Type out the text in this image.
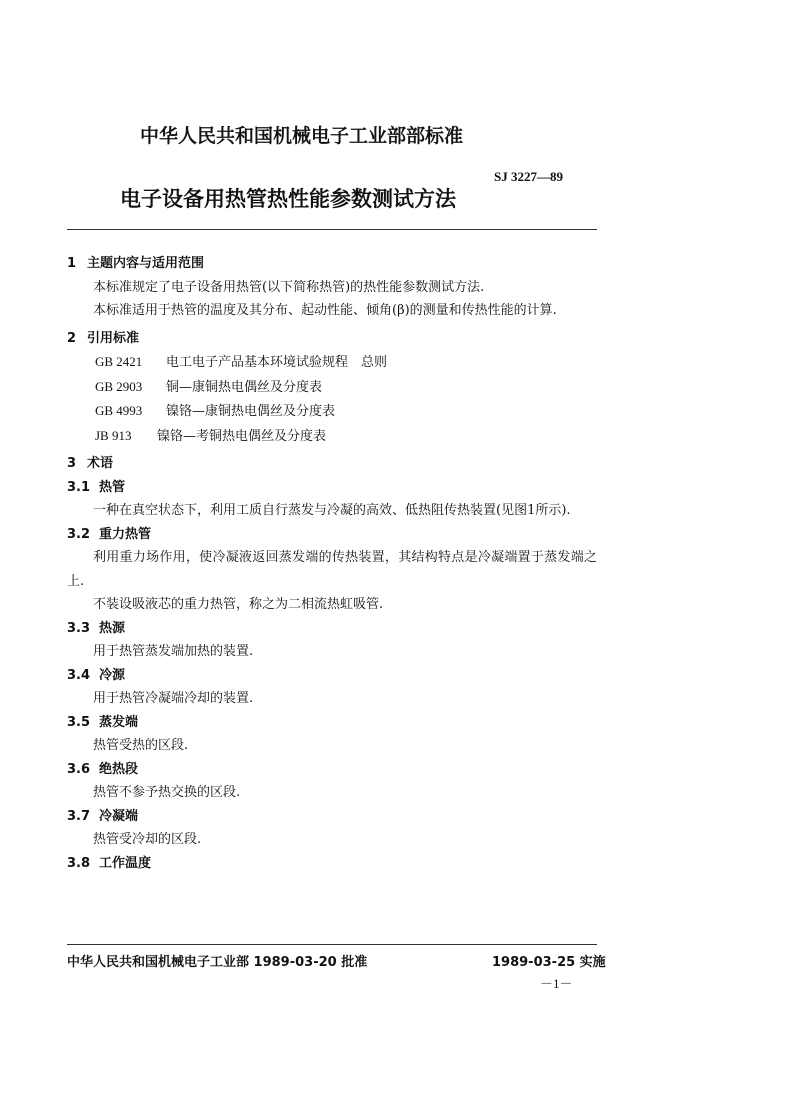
中华人民共和国机械电子工业部部标准
SJ 3227—89
电子设备用热管热性能参数测试方法
1 主题内容与适用范围
本标准规定了电子设备用热管(以下简称热管)的热性能参数测试方法.
本标准适用于热管的温度及其分布、起动性能、倾角(β)的测量和传热性能的计算.
2 引用标准
GB 2421 电工电子产品基本环境试验规程　总则
GB 2903 铜—康铜热电偶丝及分度表
GB 4993 镍铬—康铜热电偶丝及分度表
JB 913 镍铬—考铜热电偶丝及分度表
3 术语
3.1 热管
一种在真空状态下，利用工质自行蒸发与冷凝的高效、低热阻传热装置(见图1所示).
3.2 重力热管
利用重力场作用，使冷凝液返回蒸发端的传热装置，其结构特点是冷凝端置于蒸发端之上.
不装设吸液芯的重力热管，称之为二相流热虹吸管.
3.3 热源
用于热管蒸发端加热的装置.
3.4 冷源
用于热管冷凝端冷却的装置.
3.5 蒸发端
热管受热的区段.
3.6 绝热段
热管不参予热交换的区段.
3.7 冷凝端
热管受冷却的区段.
3.8 工作温度
中华人民共和国机械电子工业部 1989-03-20 批准	1989-03-25 实施
－1－
